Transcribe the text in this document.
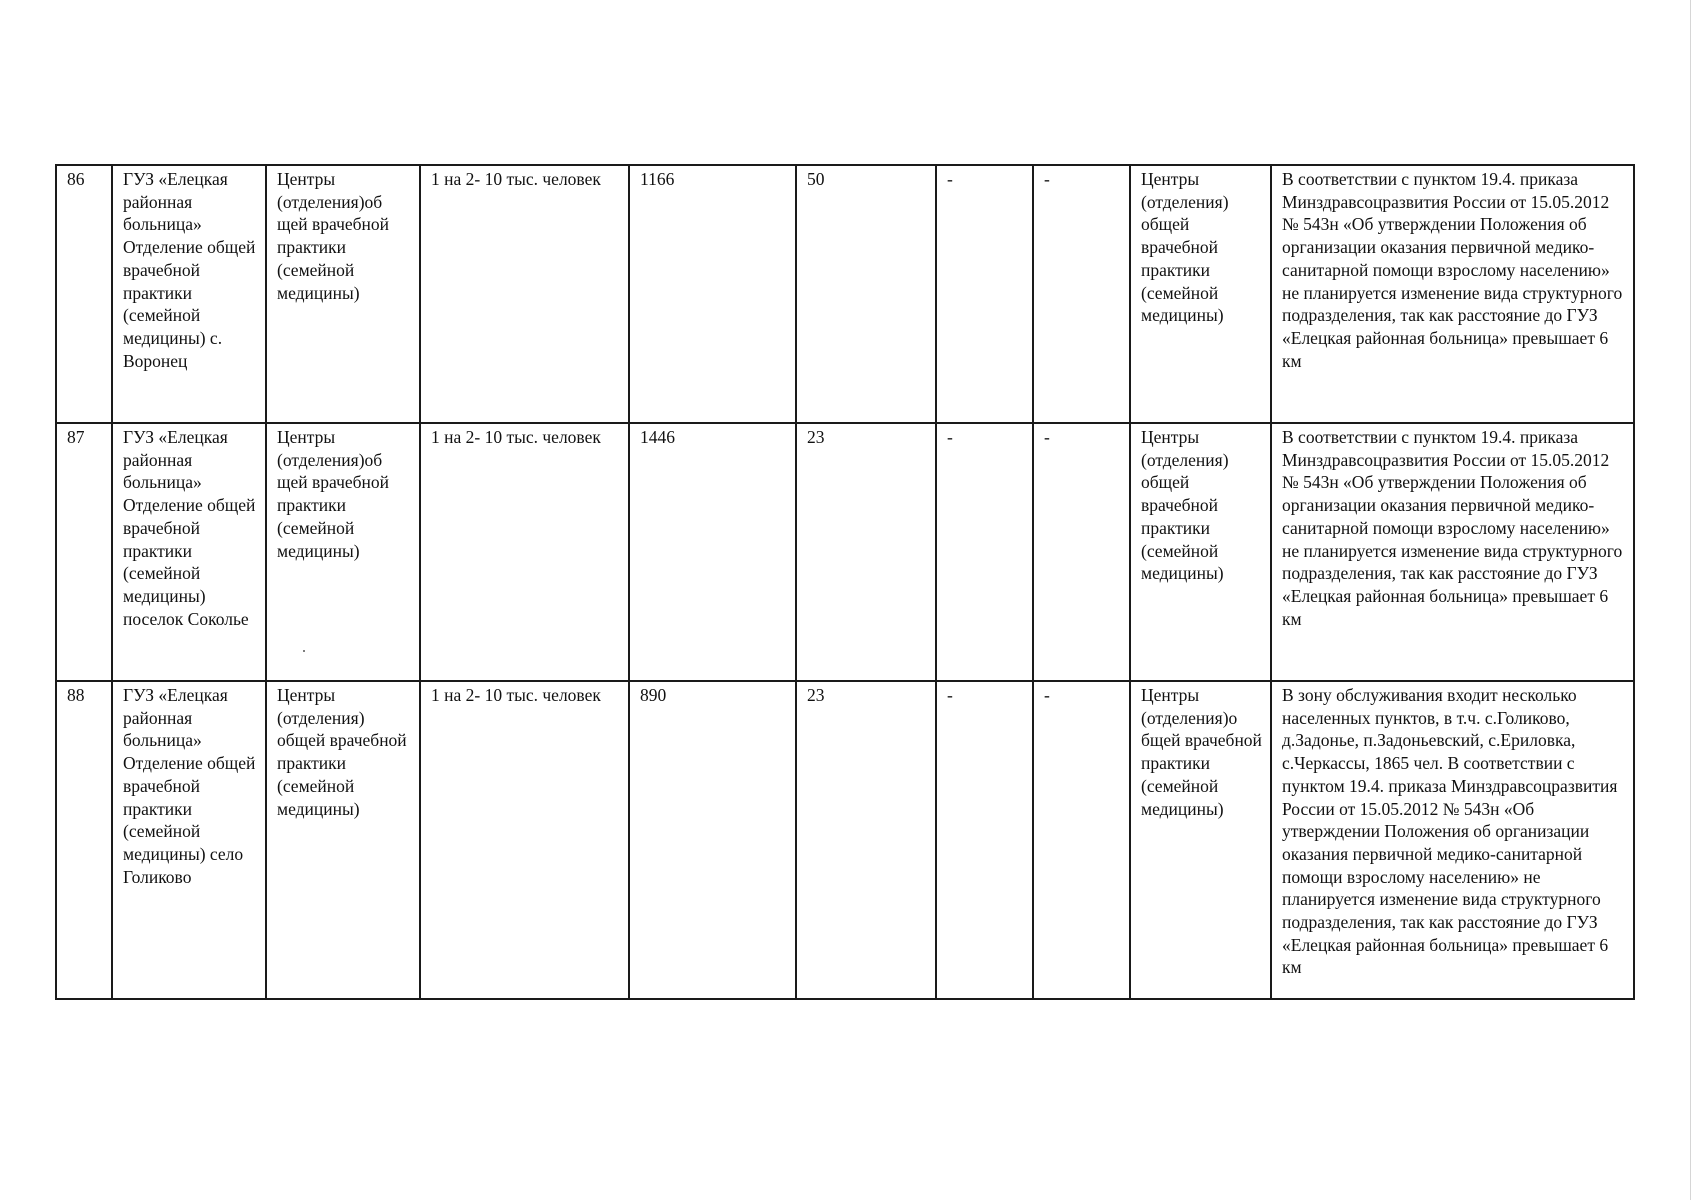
86	ГУЗ «Елецкая районная больница» Отделение общей врачебной практики (семейной медицины) с. Воронец	Центры (отделения)об щей врачебной практики (семейной медицины)	1 на 2- 10 тыс. человек	1166	50	-	-	Центры (отделения) общей врачебной практики (семейной медицины)	В соответствии с пунктом 19.4. приказа Минздравсоцразвития России от 15.05.2012 № 543н «Об утверждении Положения об организации оказания первичной медико-санитарной помощи взрослому населению» не планируется изменение вида структурного подразделения, так как расстояние до ГУЗ «Елецкая районная больница» превышает 6 км
87	ГУЗ «Елецкая районная больница» Отделение общей врачебной практики (семейной медицины) поселок Соколье	Центры (отделения)об щей врачебной практики (семейной медицины)	1 на 2- 10 тыс. человек	1446	23	-	-	Центры (отделения) общей врачебной практики (семейной медицины)	В соответствии с пунктом 19.4. приказа Минздравсоцразвития России от 15.05.2012 № 543н «Об утверждении Положения об организации оказания первичной медико-санитарной помощи взрослому населению» не планируется изменение вида структурного подразделения, так как расстояние до ГУЗ «Елецкая районная больница» превышает 6 км
88	ГУЗ «Елецкая районная больница» Отделение общей врачебной практики (семейной медицины) село Голиково	Центры (отделения) общей врачебной практики (семейной медицины)	1 на 2- 10 тыс. человек	890	23	-	-	Центры (отделения)о бщей врачебной практики (семейной медицины)	В зону обслуживания входит несколько населенных пунктов, в т.ч. с.Голиково, д.Задонье, п.Задоньевский, с.Ериловка, с.Черкассы, 1865 чел. В соответствии с пунктом 19.4. приказа Минздравсоцразвития России от 15.05.2012 № 543н «Об утверждении Положения об организации оказания первичной медико-санитарной помощи взрослому населению» не планируется изменение вида структурного подразделения, так как расстояние до ГУЗ «Елецкая районная больница» превышает 6 км
